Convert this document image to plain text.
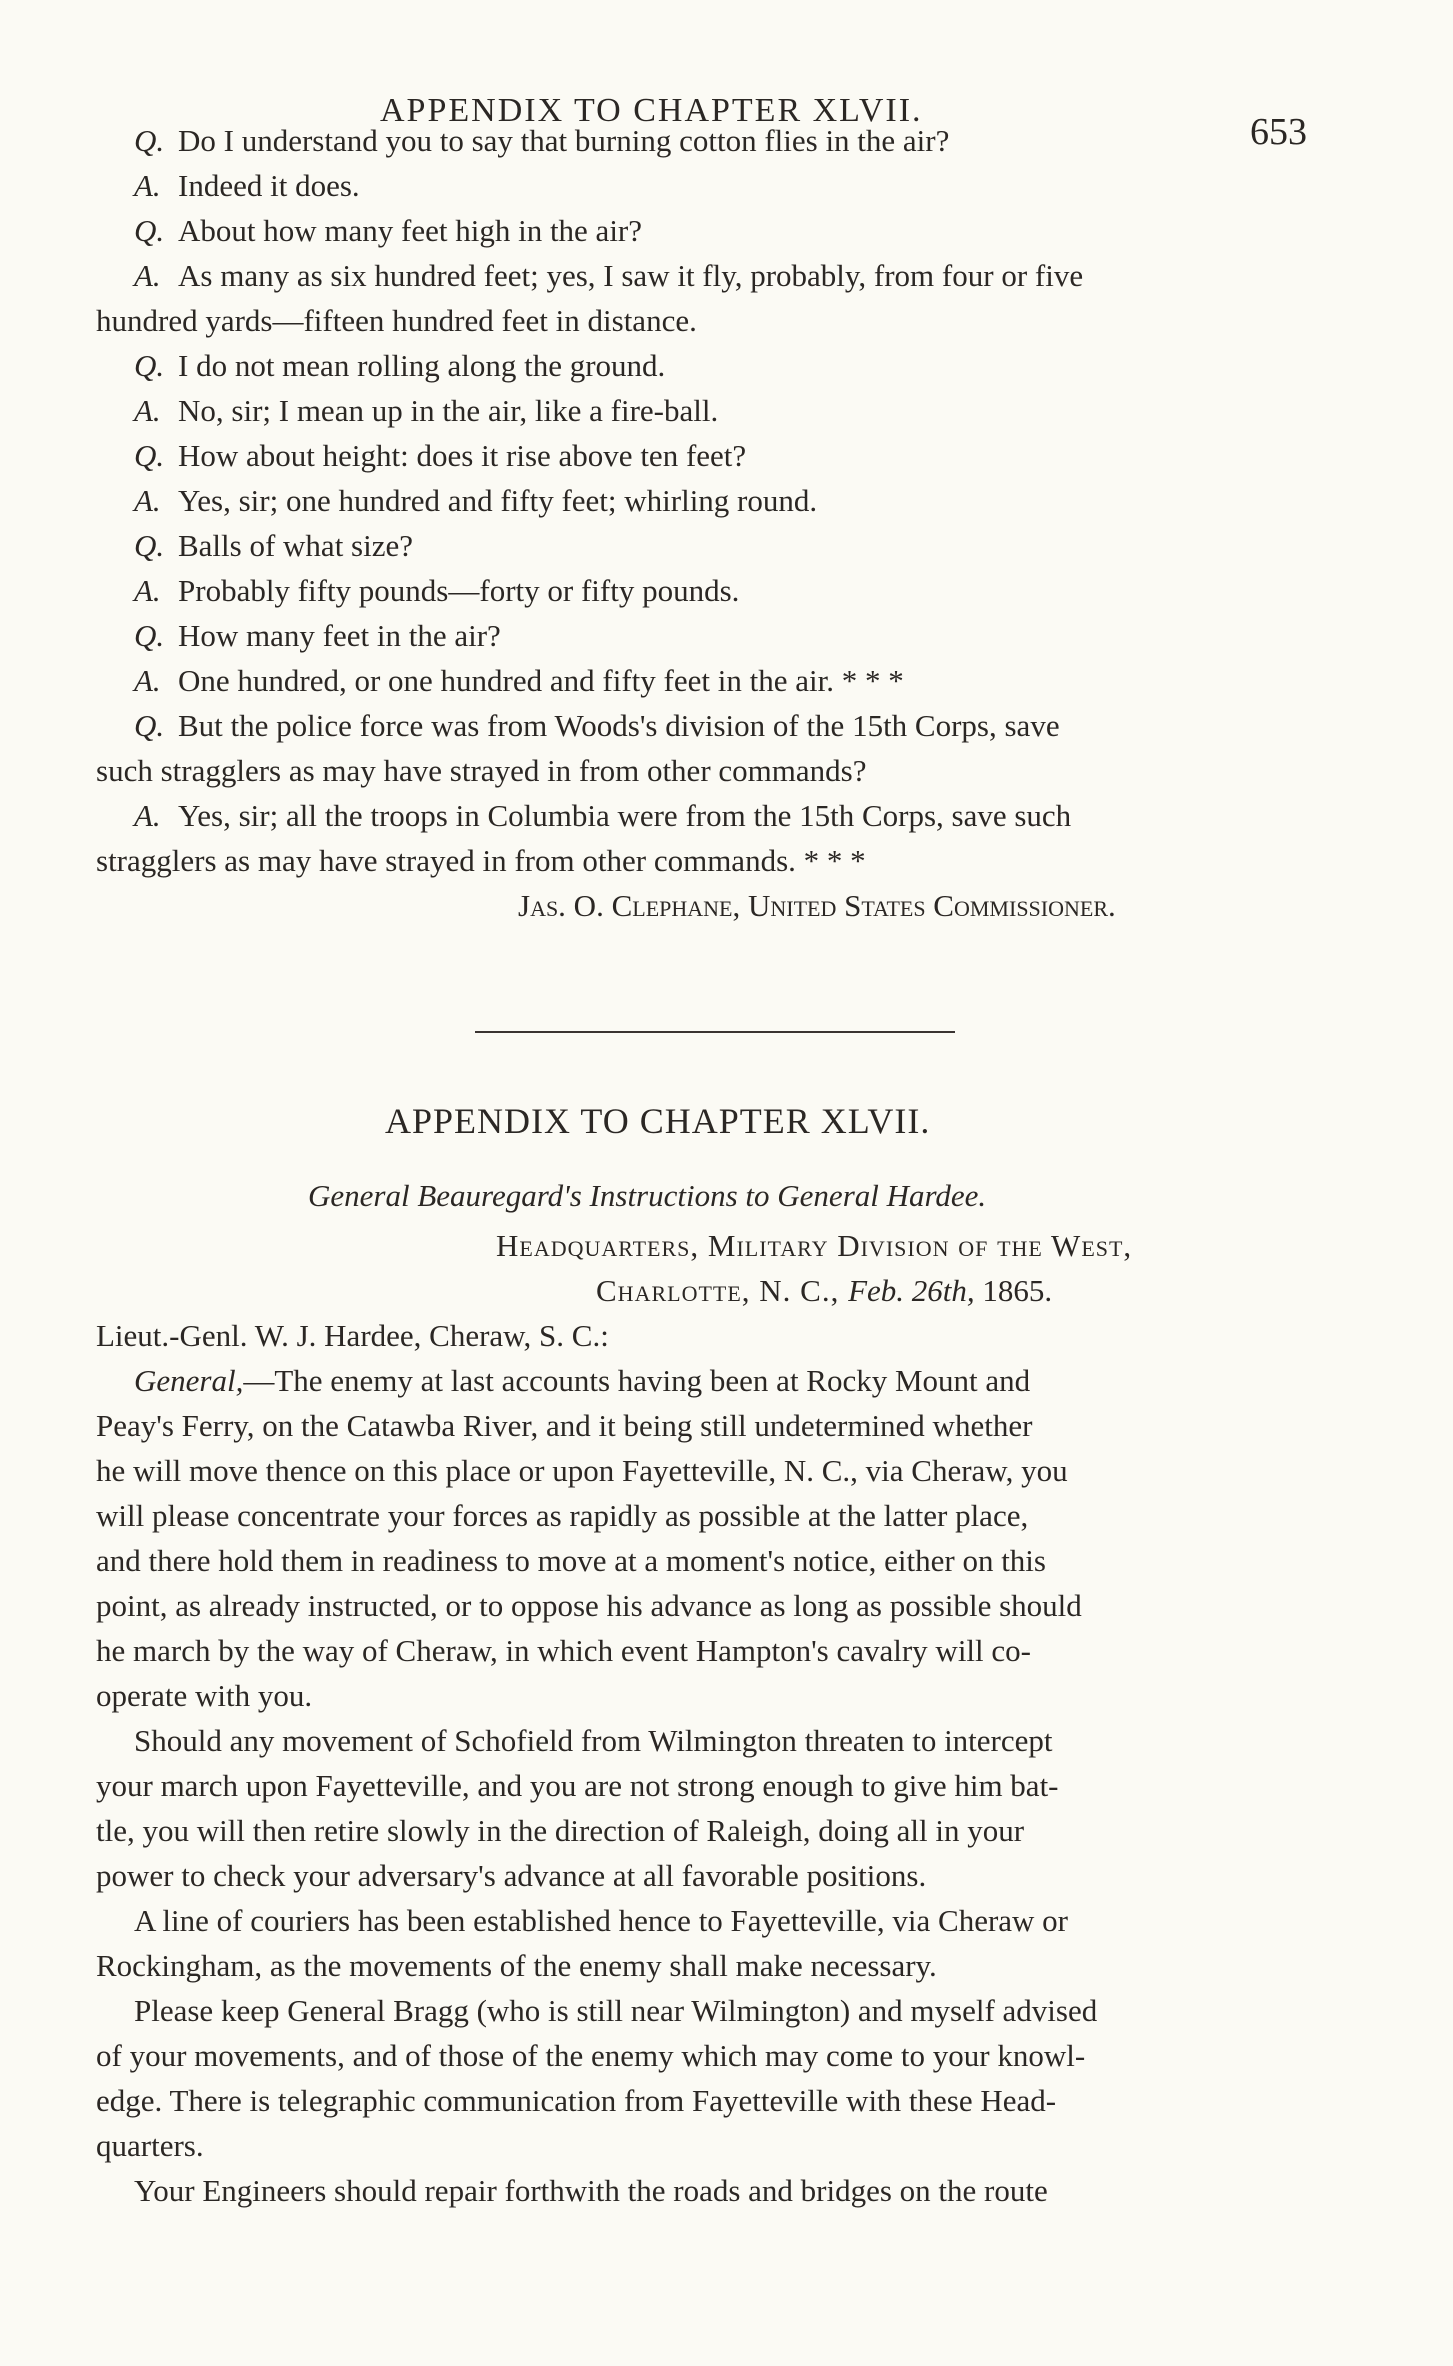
APPENDIX TO CHAPTER XLVII.
653
Q. Do I understand you to say that burning cotton flies in the air?
A. Indeed it does.
Q. About how many feet high in the air?
A. As many as six hundred feet; yes, I saw it fly, probably, from four or five
hundred yards—fifteen hundred feet in distance.
Q. I do not mean rolling along the ground.
A. No, sir; I mean up in the air, like a fire-ball.
Q. How about height: does it rise above ten feet?
A. Yes, sir; one hundred and fifty feet; whirling round.
Q. Balls of what size?
A. Probably fifty pounds—forty or fifty pounds.
Q. How many feet in the air?
A. One hundred, or one hundred and fifty feet in the air. * * *
Q. But the police force was from Woods's division of the 15th Corps, save
such stragglers as may have strayed in from other commands?
A. Yes, sir; all the troops in Columbia were from the 15th Corps, save such
stragglers as may have strayed in from other commands. * * *
Jas. O. Clephane, United States Commissioner.
APPENDIX TO CHAPTER XLVII.
General Beauregard's Instructions to General Hardee.
Headquarters, Military Division of the West,
Charlotte, N. C., Feb. 26th, 1865.
Lieut.-Genl. W. J. Hardee, Cheraw, S. C.:
General,—The enemy at last accounts having been at Rocky Mount and
Peay's Ferry, on the Catawba River, and it being still undetermined whether
he will move thence on this place or upon Fayetteville, N. C., via Cheraw, you
will please concentrate your forces as rapidly as possible at the latter place,
and there hold them in readiness to move at a moment's notice, either on this
point, as already instructed, or to oppose his advance as long as possible should
he march by the way of Cheraw, in which event Hampton's cavalry will co-
operate with you.
Should any movement of Schofield from Wilmington threaten to intercept
your march upon Fayetteville, and you are not strong enough to give him bat-
tle, you will then retire slowly in the direction of Raleigh, doing all in your
power to check your adversary's advance at all favorable positions.
A line of couriers has been established hence to Fayetteville, via Cheraw or
Rockingham, as the movements of the enemy shall make necessary.
Please keep General Bragg (who is still near Wilmington) and myself advised
of your movements, and of those of the enemy which may come to your knowl-
edge. There is telegraphic communication from Fayetteville with these Head-
quarters.
Your Engineers should repair forthwith the roads and bridges on the route
